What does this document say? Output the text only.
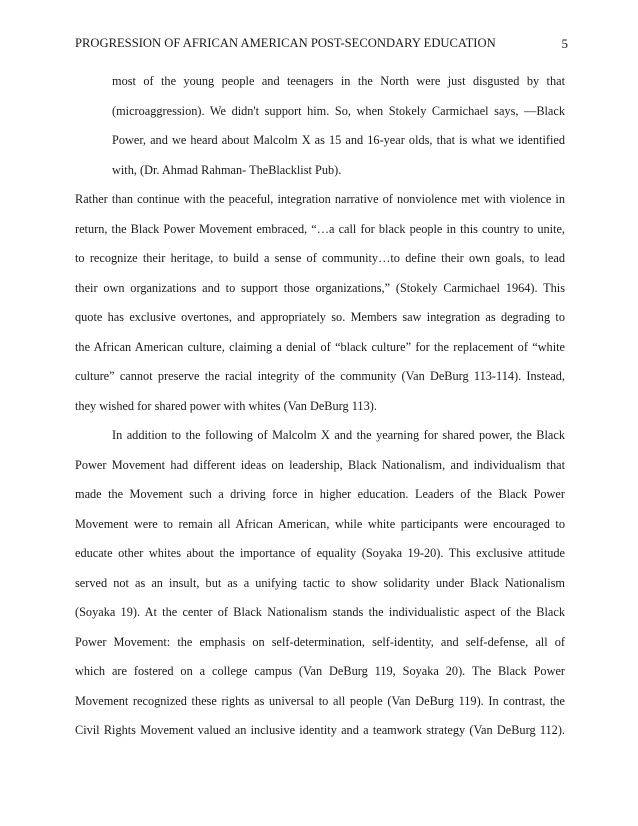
PROGRESSION OF AFRICAN AMERICAN POST-SECONDARY EDUCATION	5
most of the young people and teenagers in the North were just disgusted by that
(microaggression). We didn't support him. So, when Stokely Carmichael says, ―Black
Power, and we heard about Malcolm X as 15 and 16-year olds, that is what we identified
with, (Dr. Ahmad Rahman- TheBlacklist Pub).
Rather than continue with the peaceful, integration narrative of nonviolence met with violence in
return, the Black Power Movement embraced, “…a call for black people in this country to unite,
to recognize their heritage, to build a sense of community…to define their own goals, to lead
their own organizations and to support those organizations,” (Stokely Carmichael 1964). This
quote has exclusive overtones, and appropriately so. Members saw integration as degrading to
the African American culture, claiming a denial of “black culture” for the replacement of “white
culture” cannot preserve the racial integrity of the community (Van DeBurg 113-114). Instead,
they wished for shared power with whites (Van DeBurg 113).
In addition to the following of Malcolm X and the yearning for shared power, the Black
Power Movement had different ideas on leadership, Black Nationalism, and individualism that
made the Movement such a driving force in higher education. Leaders of the Black Power
Movement were to remain all African American, while white participants were encouraged to
educate other whites about the importance of equality (Soyaka 19-20). This exclusive attitude
served not as an insult, but as a unifying tactic to show solidarity under Black Nationalism
(Soyaka 19). At the center of Black Nationalism stands the individualistic aspect of the Black
Power Movement: the emphasis on self-determination, self-identity, and self-defense, all of
which are fostered on a college campus (Van DeBurg 119, Soyaka 20). The Black Power
Movement recognized these rights as universal to all people (Van DeBurg 119). In contrast, the
Civil Rights Movement valued an inclusive identity and a teamwork strategy (Van DeBurg 112).
